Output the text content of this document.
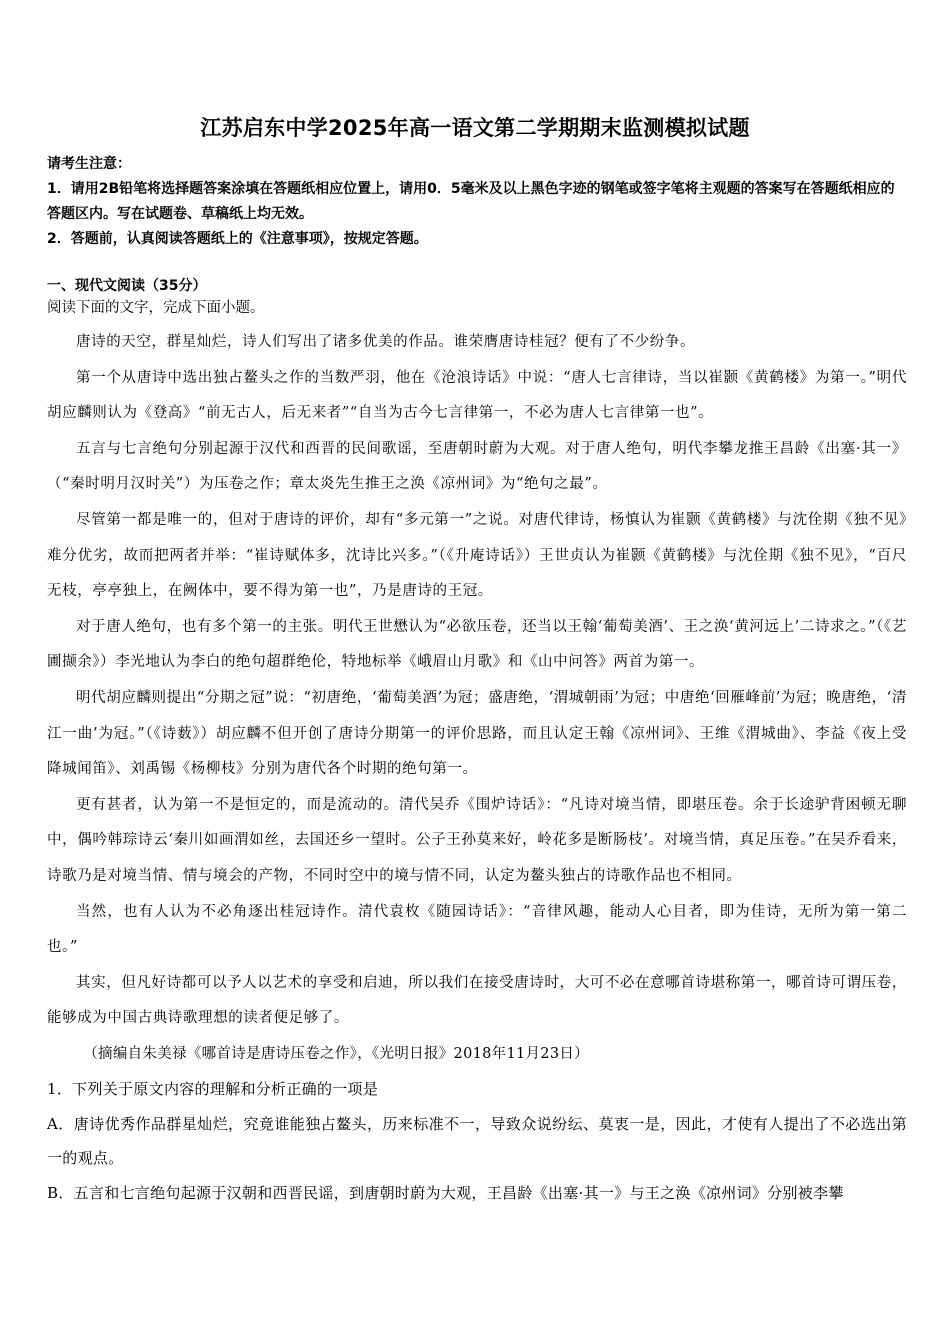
江苏启东中学2025年高一语文第二学期期末监测模拟试题

请考生注意：

1．请用2B铅笔将选择题答案涂填在答题纸相应位置上，请用0．5毫米及以上黑色字迹的钢笔或签字笔将主观题的答案写在答题纸相应的答题区内。写在试题卷、草稿纸上均无效。

2．答题前，认真阅读答题纸上的《注意事项》，按规定答题。

一、现代文阅读（35分）

阅读下面的文字，完成下面小题。

唐诗的天空，群星灿烂，诗人们写出了诸多优美的作品。谁荣膺唐诗桂冠？便有了不少纷争。

第一个从唐诗中选出独占鳌头之作的当数严羽，他在《沧浪诗话》中说：“唐人七言律诗，当以崔颢《黄鹤楼》为第一。”明代胡应麟则认为《登高》“前无古人，后无来者”“自当为古今七言律第一，不必为唐人七言律第一也”。

五言与七言绝句分别起源于汉代和西晋的民间歌谣，至唐朝时蔚为大观。对于唐人绝句，明代李攀龙推王昌龄《出塞·其一》（“秦时明月汉时关”）为压卷之作；章太炎先生推王之涣《凉州词》为“绝句之最”。

尽管第一都是唯一的，但对于唐诗的评价，却有“多元第一”之说。对唐代律诗，杨慎认为崔颢《黄鹤楼》与沈佺期《独不见》难分优劣，故而把两者并举：“崔诗赋体多，沈诗比兴多。”（《升庵诗话》）王世贞认为崔颢《黄鹤楼》与沈佺期《独不见》，“百尺无枝，亭亭独上，在阙体中，要不得为第一也”，乃是唐诗的王冠。

对于唐人绝句，也有多个第一的主张。明代王世懋认为“必欲压卷，还当以王翰‘葡萄美酒’、王之涣‘黄河远上’二诗求之。”（《艺圃撷余》）李光地认为李白的绝句超群绝伦，特地标举《峨眉山月歌》和《山中问答》两首为第一。

明代胡应麟则提出“分期之冠”说：“初唐绝，‘葡萄美酒’为冠；盛唐绝，‘渭城朝雨’为冠；中唐绝‘回雁峰前’为冠；晚唐绝，‘清江一曲’为冠。”（《诗薮》）胡应麟不但开创了唐诗分期第一的评价思路，而且认定王翰《凉州词》、王维《渭城曲》、李益《夜上受降城闻笛》、刘禹锡《杨柳枝》分别为唐代各个时期的绝句第一。

更有甚者，认为第一不是恒定的，而是流动的。清代吴乔《围炉诗话》：“凡诗对境当情，即堪压卷。余于长途驴背困顿无聊中，偶吟韩琮诗云‘秦川如画渭如丝，去国还乡一望时。公子王孙莫来好，岭花多是断肠枝’。对境当情，真足压卷。”在吴乔看来，诗歌乃是对境当情、情与境会的产物，不同时空中的境与情不同，认定为鳌头独占的诗歌作品也不相同。

当然，也有人认为不必角逐出桂冠诗作。清代袁枚《随园诗话》：“音律风趣，能动人心目者，即为佳诗，无所为第一第二也。”

其实，但凡好诗都可以予人以艺术的享受和启迪，所以我们在接受唐诗时，大可不必在意哪首诗堪称第一，哪首诗可谓压卷，能够成为中国古典诗歌理想的读者便足够了。

（摘编自朱美禄《哪首诗是唐诗压卷之作》，《光明日报》2018年11月23日）

1．下列关于原文内容的理解和分析正确的一项是

A．唐诗优秀作品群星灿烂，究竟谁能独占鳌头，历来标准不一，导致众说纷纭、莫衷一是，因此，才使有人提出了不必选出第一的观点。

B．五言和七言绝句起源于汉朝和西晋民谣，到唐朝时蔚为大观，王昌龄《出塞·其一》与王之涣《凉州词》分别被李攀
